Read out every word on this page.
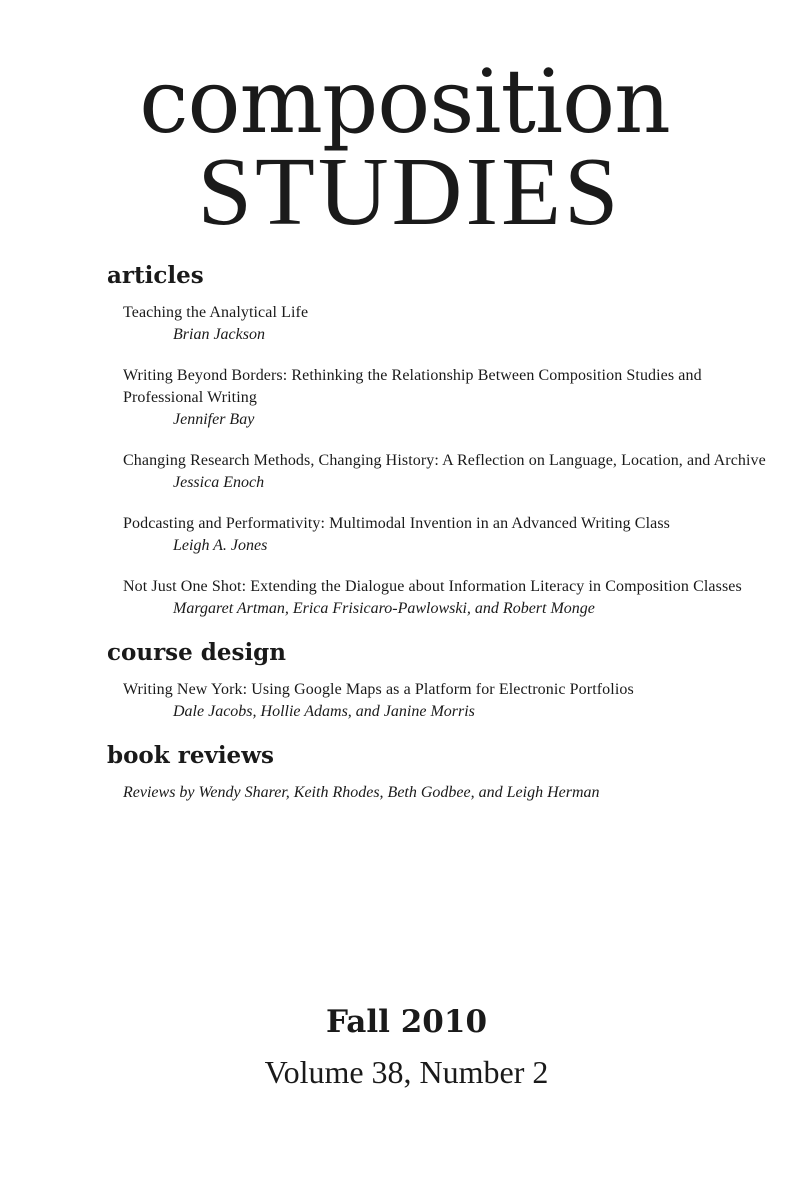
composition
STUDIES
articles
Teaching the Analytical Life
Brian Jackson
Writing Beyond Borders: Rethinking the Relationship Between Composition Studies and Professional Writing
Jennifer Bay
Changing Research Methods, Changing History: A Reflection on Language, Location, and Archive
Jessica Enoch
Podcasting and Performativity: Multimodal Invention in an Advanced Writing Class
Leigh A. Jones
Not Just One Shot: Extending the Dialogue about Information Literacy in Composition Classes
Margaret Artman, Erica Frisicaro-Pawlowski, and Robert Monge
course design
Writing New York: Using Google Maps as a Platform for Electronic Portfolios
Dale Jacobs, Hollie Adams, and Janine Morris
book reviews
Reviews by Wendy Sharer, Keith Rhodes, Beth Godbee, and Leigh Herman
Fall 2010
Volume 38, Number 2
